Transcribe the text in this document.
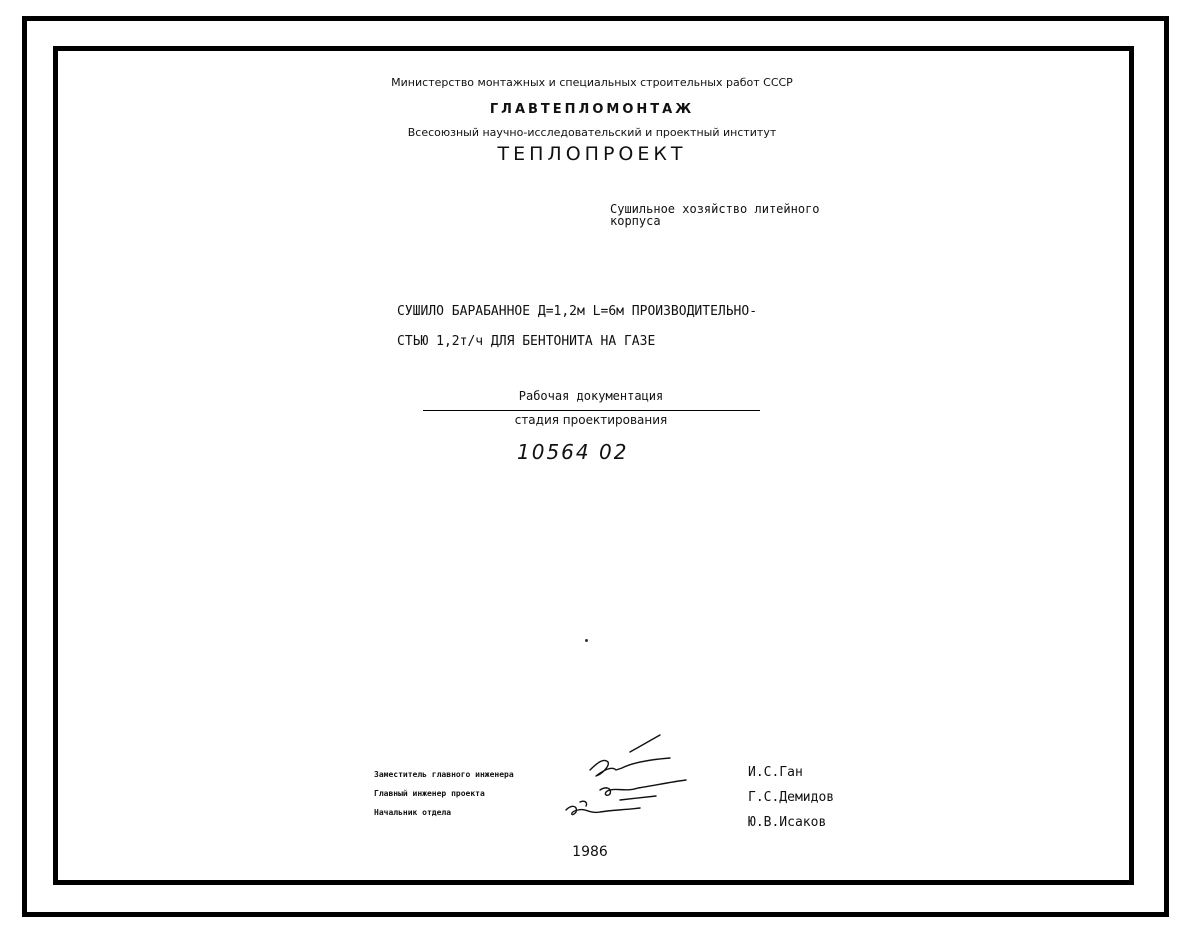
Министерство монтажных и специальных строительных работ СССР
ГЛАВТЕПЛОМОНТАЖ
Всесоюзный научно-исследовательский и проектный институт
ТЕПЛОПРОЕКТ
Сушильное хозяйство литейного
корпуса
СУШИЛО БАРАБАННОЕ Д=1,2м L=6м ПРОИЗВОДИТЕЛЬНО-
СТЬЮ 1,2т/ч ДЛЯ БЕНТОНИТА НА ГАЗЕ
Рабочая документация
стадия проектирования
10564 02
Заместитель главного инженера
Главный инженер проекта
Начальник отдела
И.С.Ган
Г.С.Демидов
Ю.В.Исаков
1986
